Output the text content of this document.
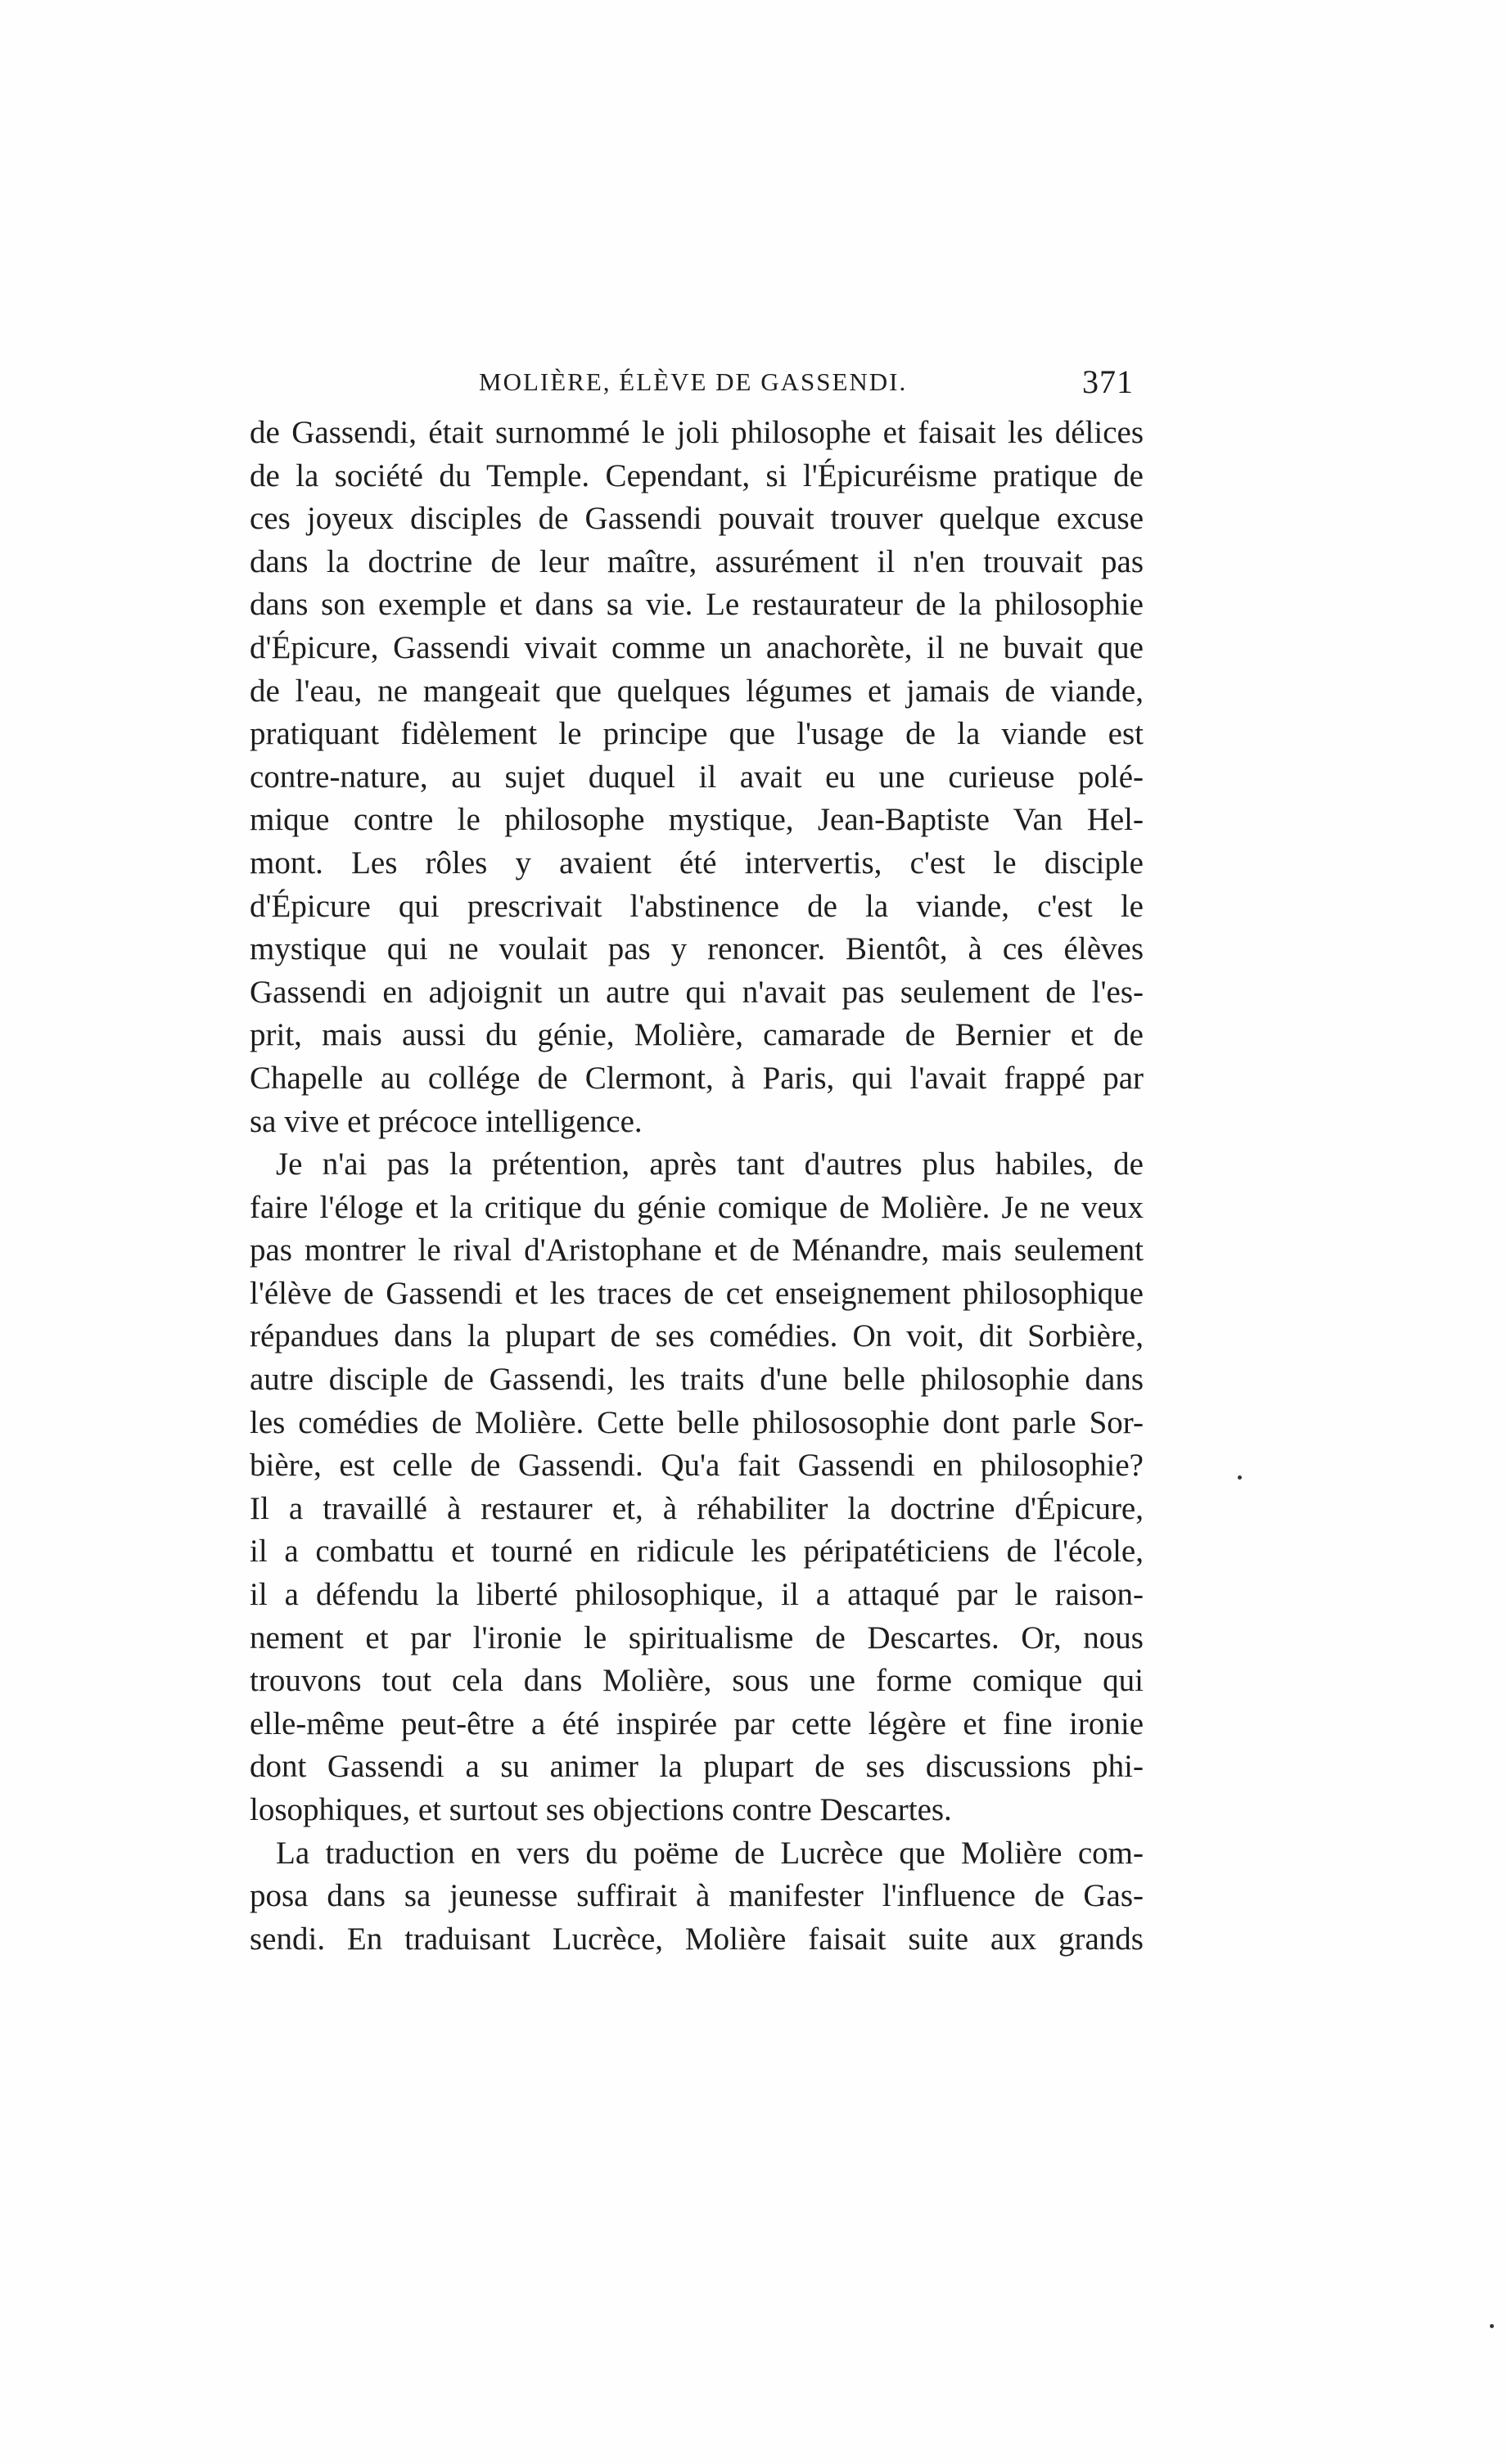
MOLIÈRE, ÉLÈVE DE GASSENDI.	371
de Gassendi, était surnommé le joli philosophe et faisait les délices
de la société du Temple. Cependant, si l'Épicuréisme pratique de
ces joyeux disciples de Gassendi pouvait trouver quelque excuse
dans la doctrine de leur maître, assurément il n'en trouvait pas
dans son exemple et dans sa vie. Le restaurateur de la philosophie
d'Épicure, Gassendi vivait comme un anachorète, il ne buvait que
de l'eau, ne mangeait que quelques légumes et jamais de viande,
pratiquant fidèlement le principe que l'usage de la viande est
contre-nature, au sujet duquel il avait eu une curieuse polé-
mique contre le philosophe mystique, Jean-Baptiste Van Hel-
mont. Les rôles y avaient été intervertis, c'est le disciple
d'Épicure qui prescrivait l'abstinence de la viande, c'est le
mystique qui ne voulait pas y renoncer. Bientôt, à ces élèves
Gassendi en adjoignit un autre qui n'avait pas seulement de l'es-
prit, mais aussi du génie, Molière, camarade de Bernier et de
Chapelle au collége de Clermont, à Paris, qui l'avait frappé par
sa vive et précoce intelligence.
Je n'ai pas la prétention, après tant d'autres plus habiles, de
faire l'éloge et la critique du génie comique de Molière. Je ne veux
pas montrer le rival d'Aristophane et de Ménandre, mais seulement
l'élève de Gassendi et les traces de cet enseignement philosophique
répandues dans la plupart de ses comédies. On voit, dit Sorbière,
autre disciple de Gassendi, les traits d'une belle philosophie dans
les comédies de Molière. Cette belle philososophie dont parle Sor-
bière, est celle de Gassendi. Qu'a fait Gassendi en philosophie?
Il a travaillé à restaurer et, à réhabiliter la doctrine d'Épicure,
il a combattu et tourné en ridicule les péripatéticiens de l'école,
il a défendu la liberté philosophique, il a attaqué par le raison-
nement et par l'ironie le spiritualisme de Descartes. Or, nous
trouvons tout cela dans Molière, sous une forme comique qui
elle-même peut-être a été inspirée par cette légère et fine ironie
dont Gassendi a su animer la plupart de ses discussions phi-
losophiques, et surtout ses objections contre Descartes.
La traduction en vers du poëme de Lucrèce que Molière com-
posa dans sa jeunesse suffirait à manifester l'influence de Gas-
sendi. En traduisant Lucrèce, Molière faisait suite aux grands
